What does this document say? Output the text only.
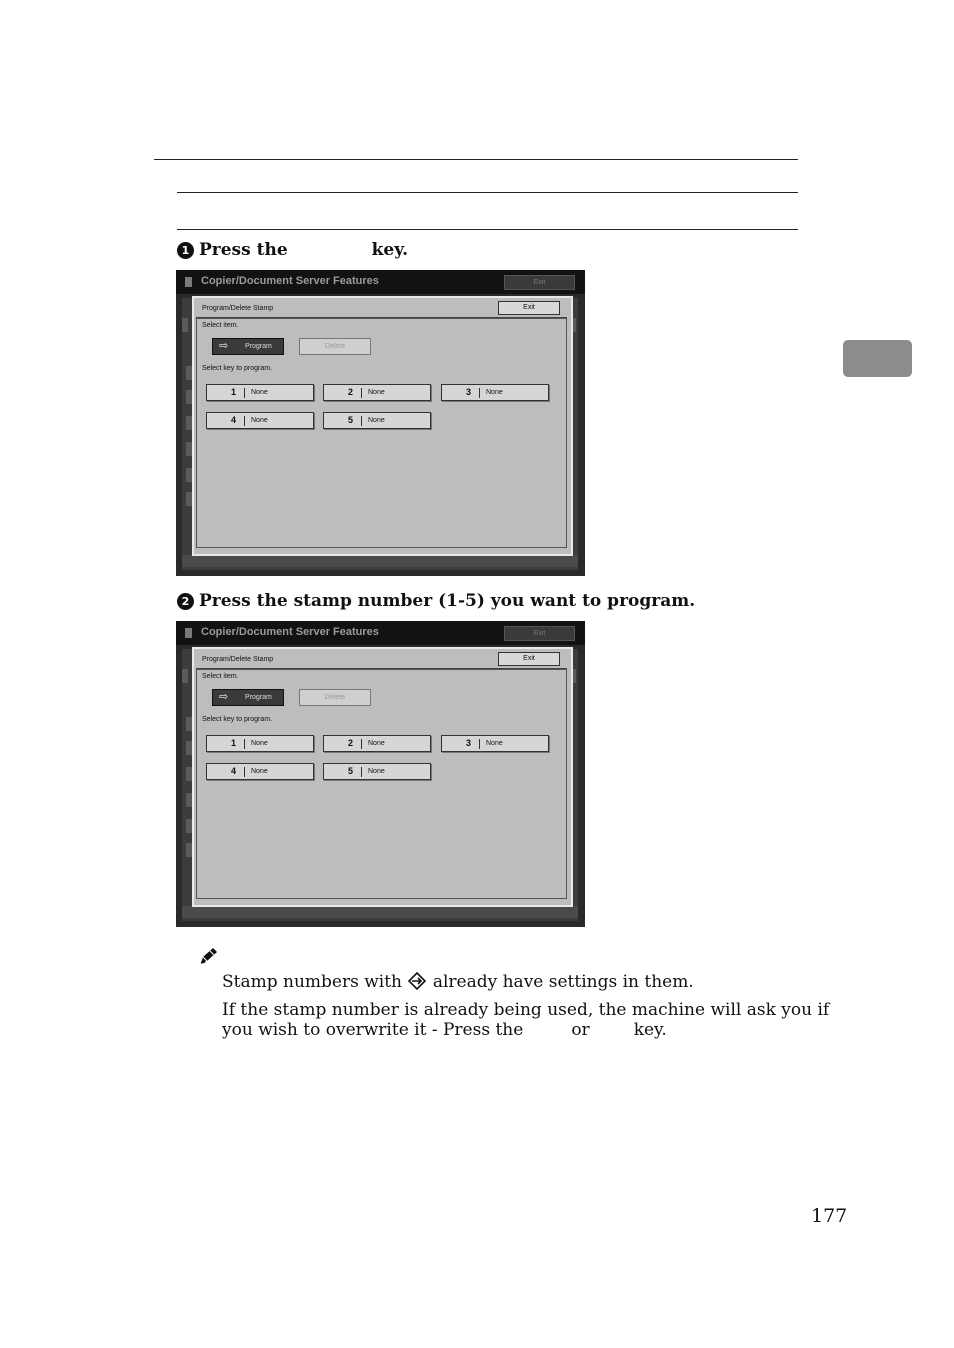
1 Press the	key.
Copier/Document Server Features	Exit
Program/Delete Stamp	Exit
Select item.
⇨ Program	Delete
Select key to program.
1 None	2 None	3 None
4 None	5 None
2 Press the stamp number (1-5) you want to program.
Copier/Document Server Features	Exit
Program/Delete Stamp	Exit
Select item.
⇨ Program	Delete
Select key to program.
1 None	2 None	3 None
4 None	5 None
Stamp numbers with already have settings in them.
If the stamp number is already being used, the machine will ask you if
you wish to overwrite it - Press the	or	key.
177
